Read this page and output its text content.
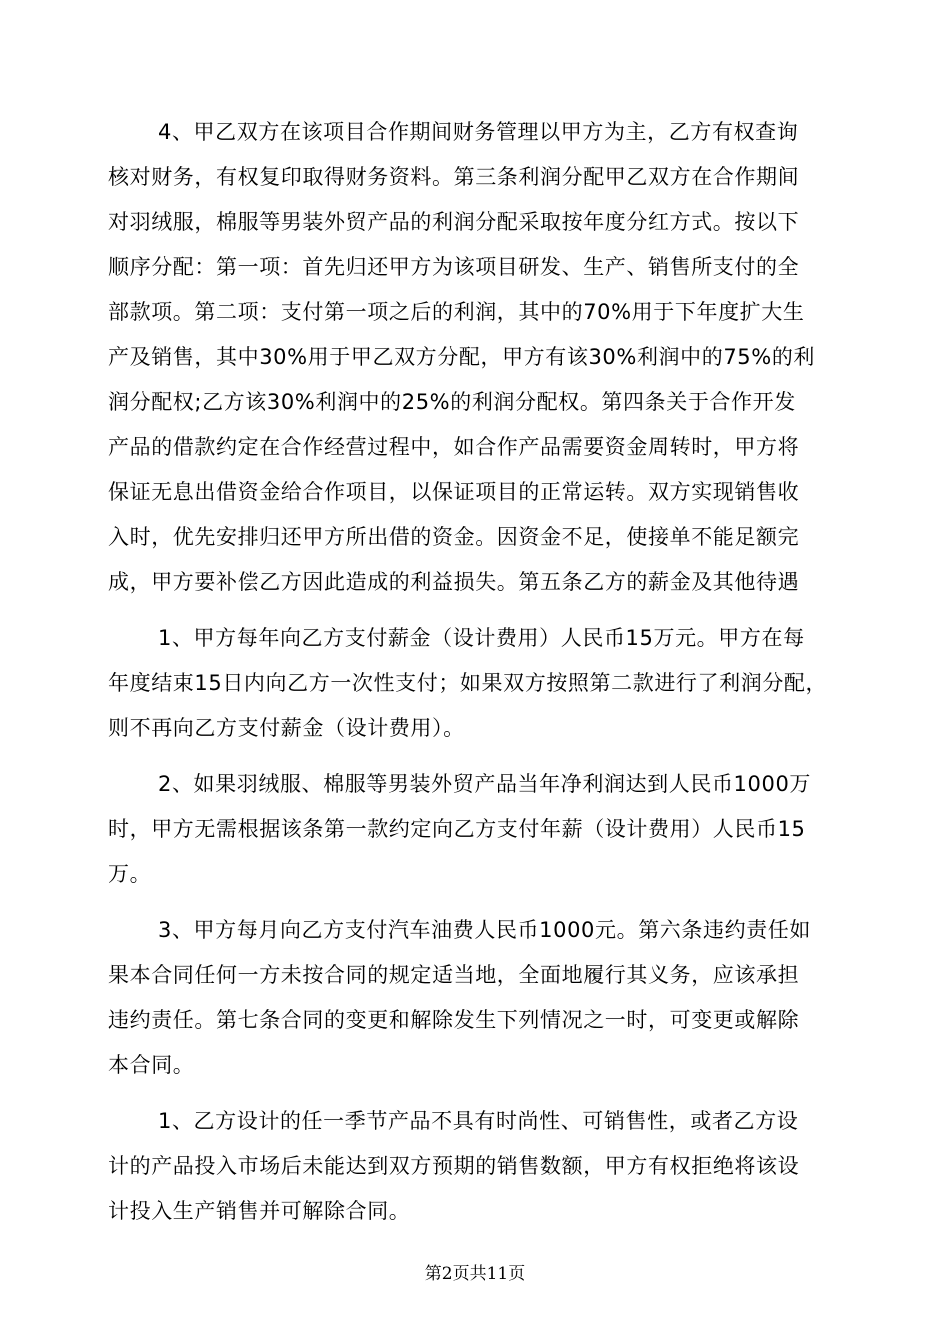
4、甲乙双方在该项目合作期间财务管理以甲方为主，乙方有权查询
核对财务，有权复印取得财务资料。第三条利润分配甲乙双方在合作期间
对羽绒服，棉服等男装外贸产品的利润分配采取按年度分红方式。按以下
顺序分配：第一项：首先归还甲方为该项目研发、生产、销售所支付的全
部款项。第二项：支付第一项之后的利润，其中的70%用于下年度扩大生
产及销售，其中30%用于甲乙双方分配，甲方有该30%利润中的75%的利
润分配权;乙方该30%利润中的25%的利润分配权。第四条关于合作开发
产品的借款约定在合作经营过程中，如合作产品需要资金周转时，甲方将
保证无息出借资金给合作项目，以保证项目的正常运转。双方实现销售收
入时，优先安排归还甲方所出借的资金。因资金不足，使接单不能足额完
成，甲方要补偿乙方因此造成的利益损失。第五条乙方的薪金及其他待遇
1、甲方每年向乙方支付薪金（设计费用）人民币15万元。甲方在每
年度结束15日内向乙方一次性支付；如果双方按照第二款进行了利润分配，
则不再向乙方支付薪金（设计费用）。
2、如果羽绒服、棉服等男装外贸产品当年净利润达到人民币1000万
时，甲方无需根据该条第一款约定向乙方支付年薪（设计费用）人民币15
万。
3、甲方每月向乙方支付汽车油费人民币1000元。第六条违约责任如
果本合同任何一方未按合同的规定适当地，全面地履行其义务，应该承担
违约责任。第七条合同的变更和解除发生下列情况之一时，可变更或解除
本合同。
1、乙方设计的任一季节产品不具有时尚性、可销售性，或者乙方设
计的产品投入市场后未能达到双方预期的销售数额，甲方有权拒绝将该设
计投入生产销售并可解除合同。
第2页共11页
